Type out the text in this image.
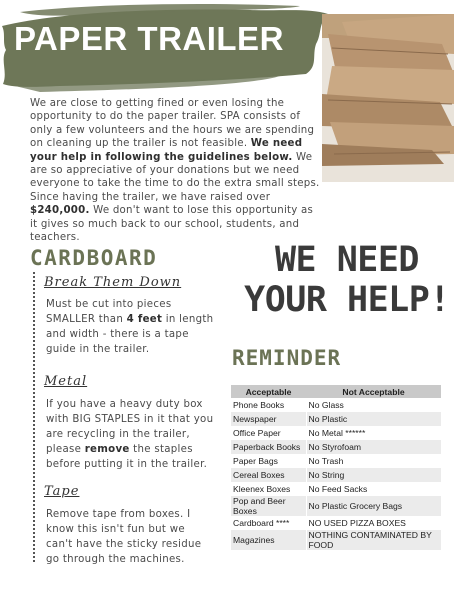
PAPER TRAILER
We are close to getting fined or even losing the opportunity to do the paper trailer. SPA consists of only a few volunteers and the hours we are spending on cleaning up the trailer is not feasible. We need your help in following the guidelines below. We are so appreciative of your donations but we need everyone to take the time to do the extra small steps. Since having the trailer, we have raised over $240,000. We don't want to lose this opportunity as it gives so much back to our school, students, and teachers.
CARDBOARD
Break Them Down
Must be cut into pieces SMALLER than 4 feet in length and width - there is a tape guide in the trailer.
Metal
If you have a heavy duty box with BIG STAPLES in it that you are recycling in the trailer, please remove the staples before putting it in the trailer.
Tape
Remove tape from boxes. I know this isn't fun but we can't have the sticky residue go through the machines.
WE NEED
YOUR HELP!
REMINDER
Acceptable	Not Acceptable
Phone Books	No Glass
Newspaper	No Plastic
Office Paper	No Metal ******
Paperback Books	No Styrofoam
Paper Bags	No Trash
Cereal Boxes	No String
Kleenex Boxes	No Feed Sacks
Pop and Beer Boxes	No Plastic Grocery Bags
Cardboard ****	NO USED PIZZA BOXES
Magazines	NOTHING CONTAMINATED BY FOOD
